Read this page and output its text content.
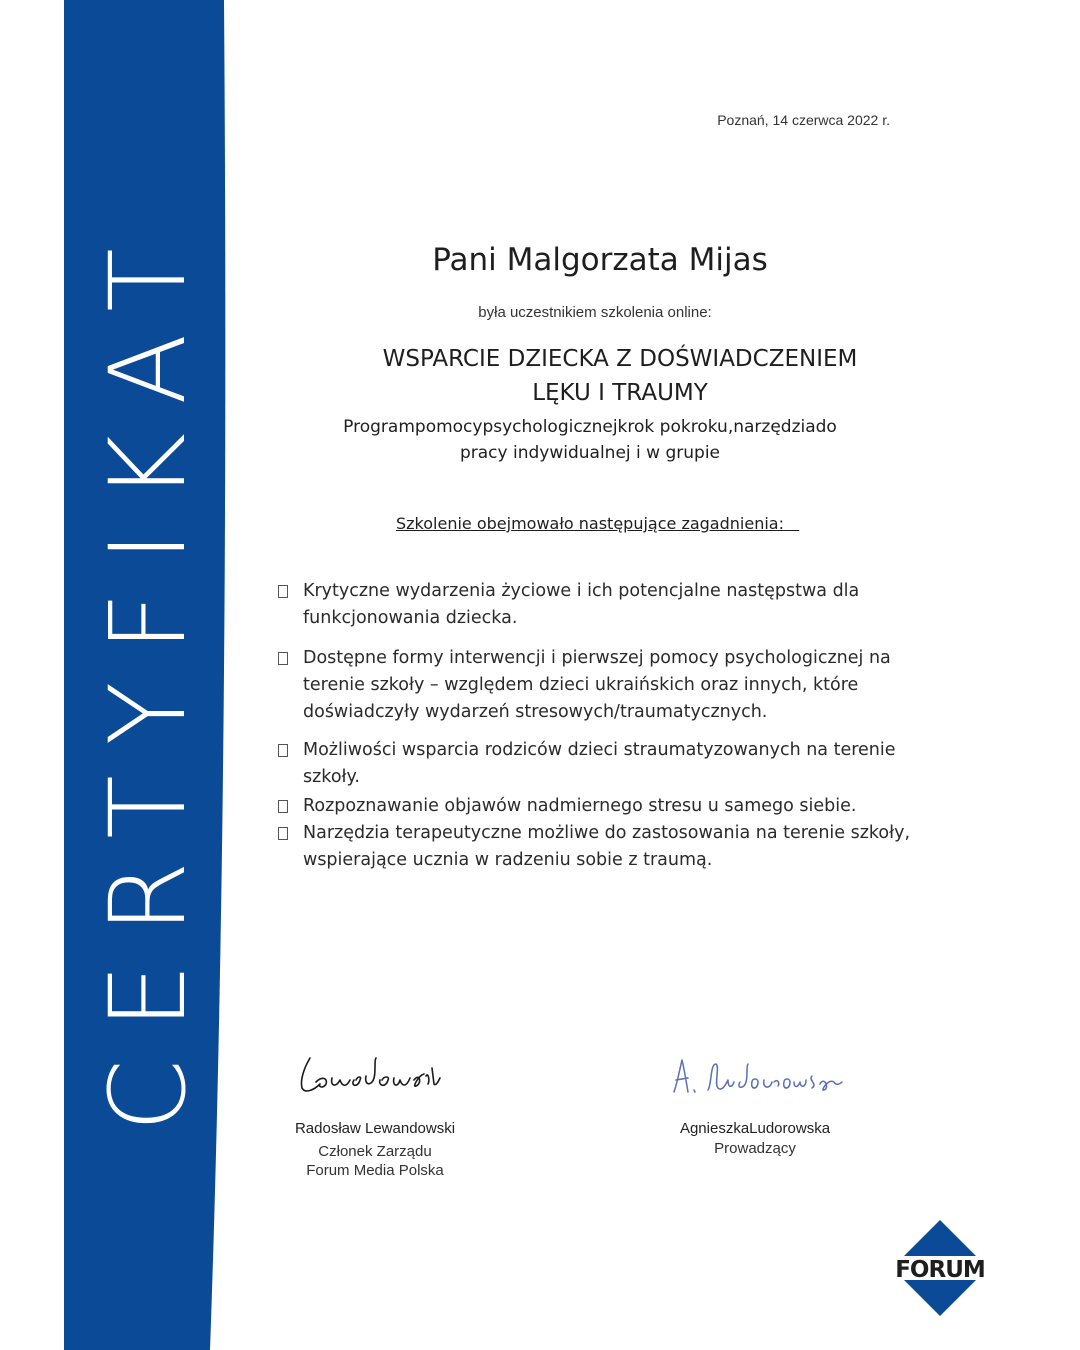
CERTYFIKAT
Poznań, 14 czerwca 2022 r.
Pani Malgorzata Mijas
była uczestnikiem szkolenia online:
WSPARCIE DZIECKA Z DOŚWIADCZENIEM
LĘKU I TRAUMY
Programpomocypsychologicznejkrok pokroku,narzędziado
pracy indywidualnej i w grupie
Szkolenie obejmowało następujące zagadnienia:
Krytyczne wydarzenia życiowe i ich potencjalne następstwa dla funkcjonowania dziecka.
Dostępne formy interwencji i pierwszej pomocy psychologicznej na terenie szkoły – względem dzieci ukraińskich oraz innych, które doświadczyły wydarzeń stresowych/traumatycznych.
Możliwości wsparcia rodziców dzieci straumatyzowanych na terenie szkoły.
Rozpoznawanie objawów nadmiernego stresu u samego siebie.
Narzędzia terapeutyczne możliwe do zastosowania na terenie szkoły, wspierające ucznia w radzeniu sobie z traumą.
Radosław Lewandowski
Członek Zarządu
Forum Media Polska
AgnieszkaLudorowska
Prowadzący
FORUM
